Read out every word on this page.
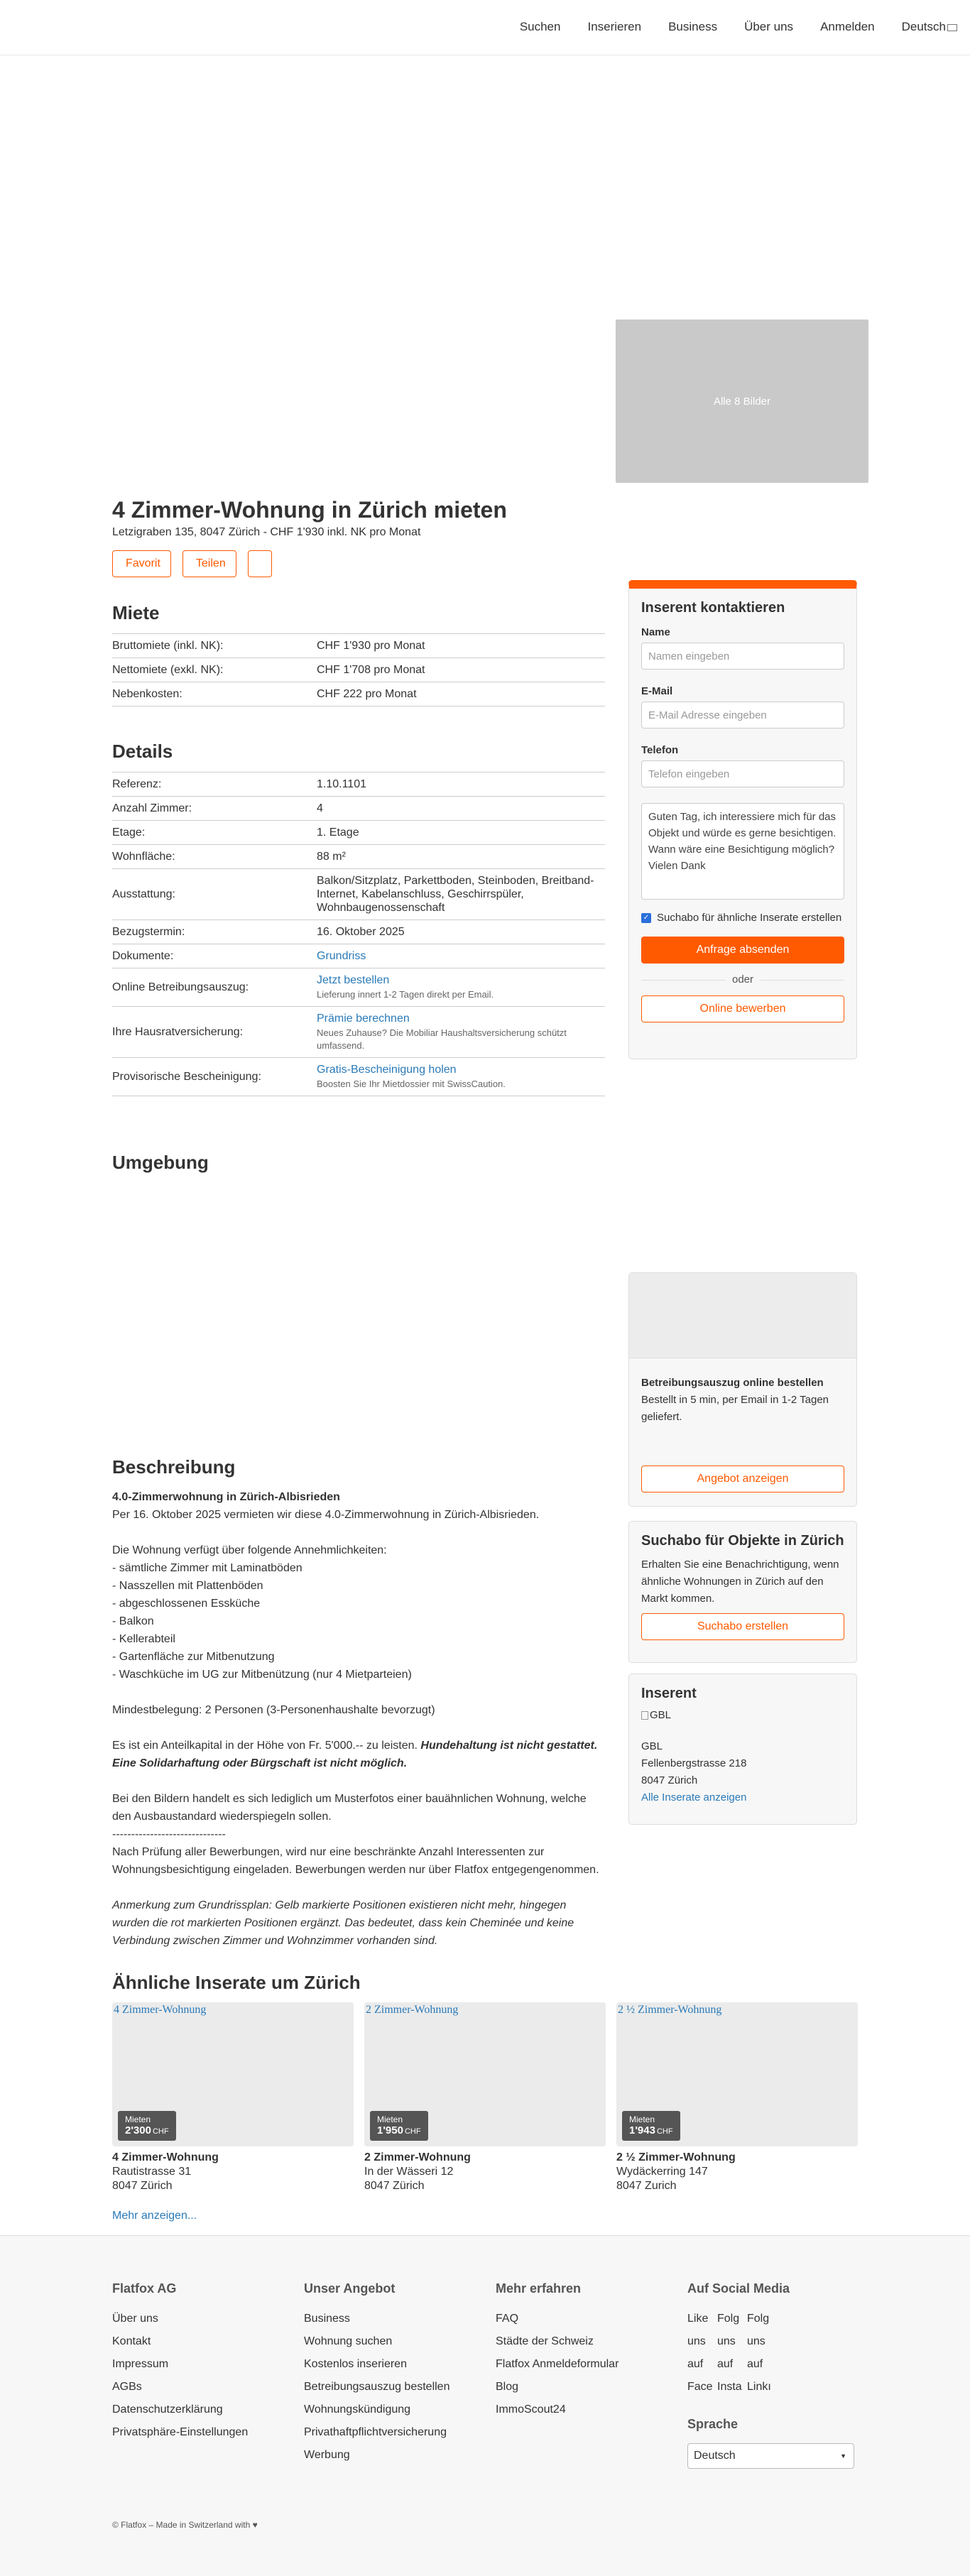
Suchen Inserieren Business Über uns Anmelden Deutsch
Alle 8 Bilder
4 Zimmer-Wohnung in Zürich mieten
Letzigraben 135, 8047 Zürich - CHF 1'930 inkl. NK pro Monat
Favorit	Teilen
Miete
Bruttomiete (inkl. NK):	CHF 1'930 pro Monat
Nettomiete (exkl. NK):	CHF 1'708 pro Monat
Nebenkosten:	CHF 222 pro Monat
Details
Referenz:	1.10.1101
Anzahl Zimmer:	4
Etage:	1. Etage
Wohnfläche:	88 m²
Ausstattung:	Balkon/Sitzplatz, Parkettboden, Steinboden, Breitband-Internet, Kabelanschluss, Geschirrspüler, Wohnbaugenossenschaft
Bezugstermin:	16. Oktober 2025
Dokumente:	Grundriss
Online Betreibungsauszug:	Jetzt bestellen
Lieferung innert 1-2 Tagen direkt per Email.

Ihre Hausratversicherung:	Prämie berechnen
Neues Zuhause? Die Mobiliar Haushaltsversicherung schützt umfassend.

Provisorische Bescheinigung:	Gratis-Bescheinigung holen
Boosten Sie Ihr Mietdossier mit SwissCaution.
Umgebung
Inserent kontaktieren
Name
Namen eingeben
E-Mail
E-Mail Adresse eingeben
Telefon
Telefon eingeben
Guten Tag, ich interessiere mich für das Objekt und würde es gerne besichtigen. Wann wäre eine Besichtigung möglich? Vielen Dank
✓ Suchabo für ähnliche Inserate erstellen
Anfrage absenden
oder
Online bewerben
Betreibungsauszug online bestellen

Bestellt in 5 min, per Email in 1-2 Tagen geliefert.

Angebot anzeigen
Suchabo für Objekte in Zürich

Erhalten Sie eine Benachrichtigung, wenn ähnliche Wohnungen in Zürich auf den Markt kommen.

Suchabo erstellen
Inserent
GBL

GBL

Fellenbergstrasse 218

8047 Zürich

Alle Inserate anzeigen

Beschreibung

4.0-Zimmerwohnung in Zürich-Albisrieden

Per 16. Oktober 2025 vermieten wir diese 4.0-Zimmerwohnung in Zürich-Albisrieden.

Die Wohnung verfügt über folgende Annehmlichkeiten:

- sämtliche Zimmer mit Laminatböden

- Nasszellen mit Plattenböden

- abgeschlossenen Essküche

- Balkon

- Kellerabteil

- Gartenfläche zur Mitbenutzung

- Waschküche im UG zur Mitbenützung (nur 4 Mietparteien)

Mindestbelegung: 2 Personen (3-Personenhaushalte bevorzugt)

Es ist ein Anteilkapital in der Höhe von Fr. 5'000.-- zu leisten. Hundehaltung ist nicht gestattet. Eine Solidarhaftung oder Bürgschaft ist nicht möglich.

Bei den Bildern handelt es sich lediglich um Musterfotos einer bauähnlichen Wohnung, welche den Ausbaustandard wiederspiegeln sollen.

------------------------------

Nach Prüfung aller Bewerbungen, wird nur eine beschränkte Anzahl Interessenten zur Wohnungsbesichtigung eingeladen. Bewerbungen werden nur über Flatfox entgegengenommen.

Anmerkung zum Grundrissplan: Gelb markierte Positionen existieren nicht mehr, hingegen wurden die rot markierten Positionen ergänzt. Das bedeutet, dass kein Cheminée und keine Verbindung zwischen Zimmer und Wohnzimmer vorhanden sind.

Ähnliche Inserate um Zürich
4 Zimmer-Wohnung
Mieten
2'300 CHF
4 Zimmer-Wohnung
Rautistrasse 31
8047 Zürich
2 Zimmer-Wohnung
Mieten
1'950 CHF
2 Zimmer-Wohnung
In der Wässeri 12
8047 Zürich
2 ½ Zimmer-Wohnung
Mieten
1'943 CHF
2 ½ Zimmer-Wohnung
Wydäckerring 147
8047 Zurich
Mehr anzeigen...
Flatfox AG
Über uns
Kontakt
Impressum
AGBs
Datenschutzerklärung
Privatsphäre-Einstellungen
Unser Angebot
Business
Wohnung suchen
Kostenlos inserieren
Betreibungsauszug bestellen
Wohnungskündigung
Privathaftpflichtversicherung
Werbung
Mehr erfahren
FAQ
Städte der Schweiz
Flatfox Anmeldeformular
Blog
ImmoScout24
Auf Social Media
Like
uns
auf
Face
Folg
uns
auf
Insta
Folg
uns
auf
Linkı
Sprache
Deutsch	▼
© Flatfox – Made in Switzerland with ♥
